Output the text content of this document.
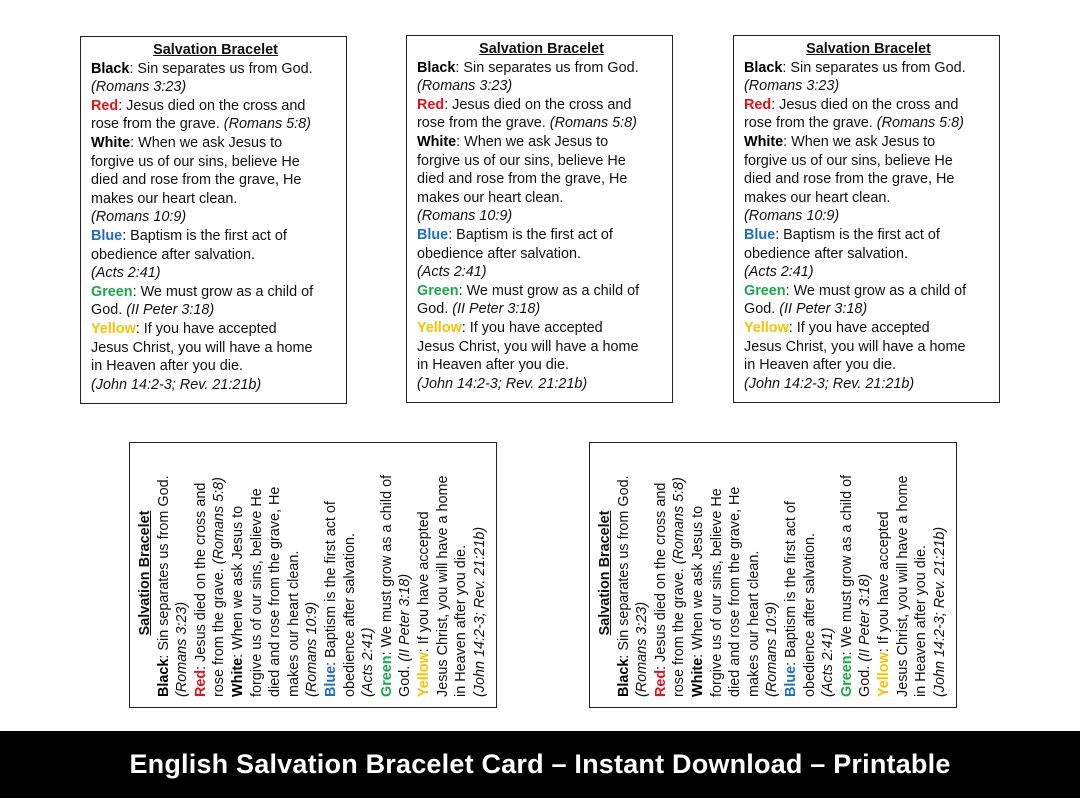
Salvation Bracelet
Black: Sin separates us from God.
(Romans 3:23)
Red: Jesus died on the cross and
rose from the grave. (Romans 5:8)
White: When we ask Jesus to
forgive us of our sins, believe He
died and rose from the grave, He
makes our heart clean.
(Romans 10:9)
Blue: Baptism is the first act of
obedience after salvation.
(Acts 2:41)
Green: We must grow as a child of
God. (II Peter 3:18)
Yellow: If you have accepted
Jesus Christ, you will have a home
in Heaven after you die.
(John 14:2-3; Rev. 21:21b)
Salvation Bracelet
Black: Sin separates us from God.
(Romans 3:23)
Red: Jesus died on the cross and
rose from the grave. (Romans 5:8)
White: When we ask Jesus to
forgive us of our sins, believe He
died and rose from the grave, He
makes our heart clean.
(Romans 10:9)
Blue: Baptism is the first act of
obedience after salvation.
(Acts 2:41)
Green: We must grow as a child of
God. (II Peter 3:18)
Yellow: If you have accepted
Jesus Christ, you will have a home
in Heaven after you die.
(John 14:2-3; Rev. 21:21b)
Salvation Bracelet
Black: Sin separates us from God.
(Romans 3:23)
Red: Jesus died on the cross and
rose from the grave. (Romans 5:8)
White: When we ask Jesus to
forgive us of our sins, believe He
died and rose from the grave, He
makes our heart clean.
(Romans 10:9)
Blue: Baptism is the first act of
obedience after salvation.
(Acts 2:41)
Green: We must grow as a child of
God. (II Peter 3:18)
Yellow: If you have accepted
Jesus Christ, you will have a home
in Heaven after you die.
(John 14:2-3; Rev. 21:21b)
Salvation Bracelet
Black: Sin separates us from God. (Romans 3:23) Red: Jesus died on the cross and rose from the grave. (Romans 5:8)
White: When we ask Jesus to forgive us of our sins, believe He died and rose from the grave, He makes our heart clean. (Romans 10:9) Blue: Baptism is the first act of obedience after salvation. (Acts 2:41) Green: We must grow as a child of
God. (II Peter 3:18)
Yellow: If you have accepted Jesus Christ, you will have a home in Heaven after you die. (John 14:2-3; Rev. 21:21b)	Salvation Bracelet
Black: Sin separates us from God. (Romans 3:23) Red: Jesus died on the cross and rose from the grave. (Romans 5:8)
White: When we ask Jesus to forgive us of our sins, believe He died and rose from the grave, He makes our heart clean. (Romans 10:9) Blue: Baptism is the first act of obedience after salvation. (Acts 2:41) Green: We must grow as a child of
God. (II Peter 3:18)
Yellow: If you have accepted Jesus Christ, you will have a home in Heaven after you die. (John 14:2-3; Rev. 21:21b)
English Salvation Bracelet Card – Instant Download – Printable
